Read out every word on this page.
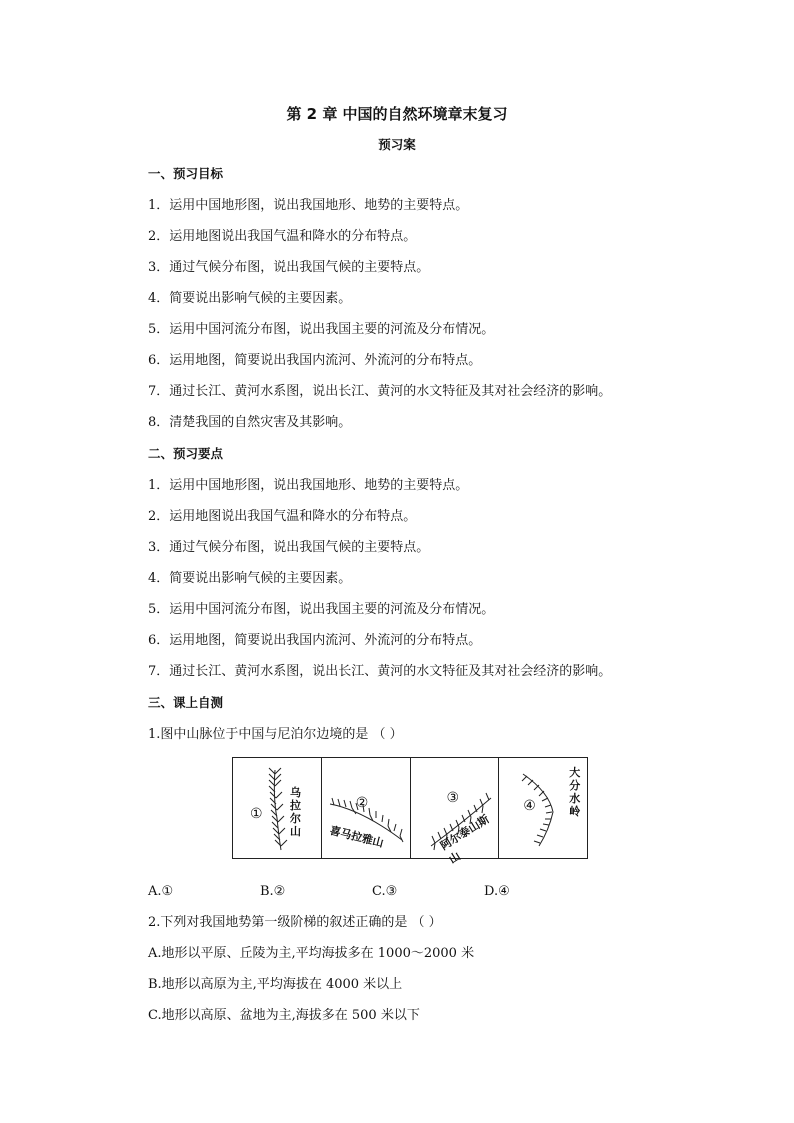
第 2 章 中国的自然环境章末复习
预习案
一、预习目标
1．运用中国地形图，说出我国地形、地势的主要特点。
2．运用地图说出我国气温和降水的分布特点。
3．通过气候分布图，说出我国气候的主要特点。
4．简要说出影响气候的主要因素。
5．运用中国河流分布图，说出我国主要的河流及分布情况。
6．运用地图，简要说出我国内流河、外流河的分布特点。
7．通过长江、黄河水系图，说出长江、黄河的水文特征及其对社会经济的影响。
8．清楚我国的自然灾害及其影响。
二、预习要点
1．运用中国地形图，说出我国地形、地势的主要特点。
2．运用地图说出我国气温和降水的分布特点。
3．通过气候分布图，说出我国气候的主要特点。
4．简要说出影响气候的主要因素。
5．运用中国河流分布图，说出我国主要的河流及分布情况。
6．运用地图，简要说出我国内流河、外流河的分布特点。
7．通过长江、黄河水系图，说出长江、黄河的水文特征及其对社会经济的影响。
三、课上自测
1.图中山脉位于中国与尼泊尔边境的是 （ ）
①
乌拉尔山
②
喜马拉雅山
③
阿尔泰山斯山
④
大分水岭
A.①	B.②	C.③	D.④
2.下列对我国地势第一级阶梯的叙述正确的是 （ ）
A.地形以平原、丘陵为主,平均海拔多在 1000～2000 米
B.地形以高原为主,平均海拔在 4000 米以上
C.地形以高原、盆地为主,海拔多在 500 米以下
